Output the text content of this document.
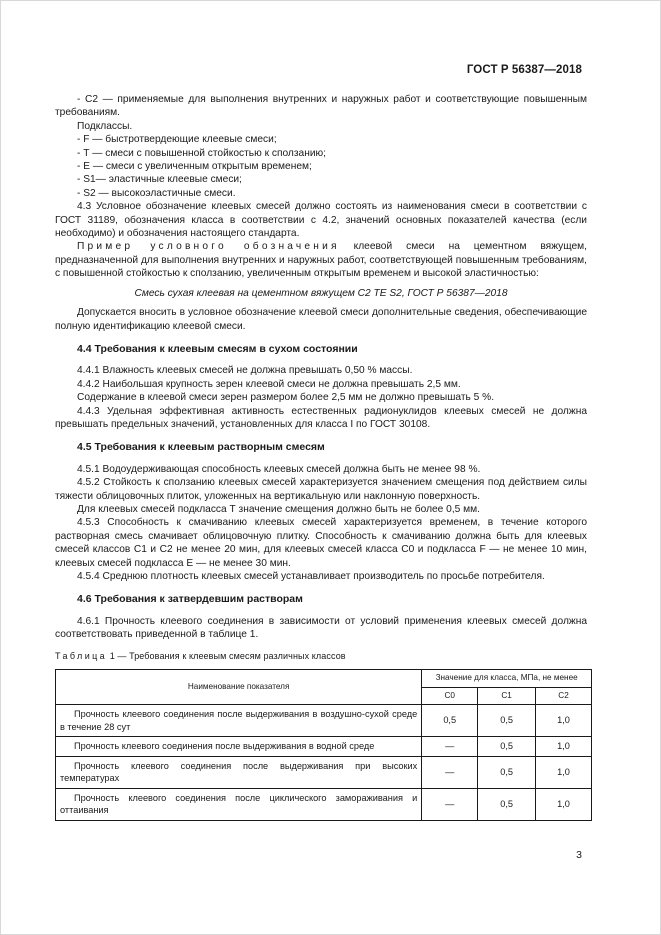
ГОСТ Р 56387—2018

- С2 — применяемые для выполнения внутренних и наружных работ и соответствующие повышенным требованиям.

Подклассы.

- F — быстротвердеющие клеевые смеси;

- Т — смеси с повышенной стойкостью к сползанию;

- Е — смеси с увеличенным открытым временем;

- S1— эластичные клеевые смеси;

- S2 — высокоэластичные смеси.

4.3 Условное обозначение клеевых смесей должно состоять из наименования смеси в соответствии с ГОСТ 31189, обозначения класса в соответствии с 4.2, значений основных показателей качества (если необходимо) и обозначения настоящего стандарта.

Пример условного обозначения клеевой смеси на цементном вяжущем, предназначенной для выполнения внутренних и наружных работ, соответствующей повышенным требованиям, с повышенной стойкостью к сползанию, увеличенным открытым временем и высокой эластичностью:

Смесь сухая клеевая на цементном вяжущем С2 ТЕ S2, ГОСТ Р 56387—2018

Допускается вносить в условное обозначение клеевой смеси дополнительные сведения, обеспечивающие полную идентификацию клеевой смеси.

4.4 Требования к клеевым смесям в сухом состоянии

4.4.1 Влажность клеевых смесей не должна превышать 0,50 % массы.

4.4.2 Наибольшая крупность зерен клеевой смеси не должна превышать 2,5 мм.

Содержание в клеевой смеси зерен размером более 2,5 мм не должно превышать 5 %.

4.4.3 Удельная эффективная активность естественных радионуклидов клеевых смесей не должна превышать предельных значений, установленных для класса I по ГОСТ 30108.

4.5 Требования к клеевым растворным смесям

4.5.1 Водоудерживающая способность клеевых смесей должна быть не менее 98 %.

4.5.2 Стойкость к сползанию клеевых смесей характеризуется значением смещения под действием силы тяжести облицовочных плиток, уложенных на вертикальную или наклонную поверхность.

Для клеевых смесей подкласса Т значение смещения должно быть не более 0,5 мм.

4.5.3 Способность к смачиванию клеевых смесей характеризуется временем, в течение которого растворная смесь смачивает облицовочную плитку. Способность к смачиванию должна быть для клеевых смесей классов С1 и С2 не менее 20 мин, для клеевых смесей класса С0 и подкласса F — не менее 10 мин, клеевых смесей подкласса Е — не менее 30 мин.

4.5.4 Среднюю плотность клеевых смесей устанавливает производитель по просьбе потребителя.

4.6 Требования к затвердевшим растворам

4.6.1 Прочность клеевого соединения в зависимости от условий применения клеевых смесей должна соответствовать приведенной в таблице 1.

Таблица 1 — Требования к клеевым смесям различных классов

Наименование показателя	Значение для класса, МПа, не менее		
	С0	С1	С2
Прочность клеевого соединения после выдерживания в воздушно-сухой среде в течение 28 сут	0,5	0,5	1,0
Прочность клеевого соединения после выдерживания в водной среде	—	0,5	1,0
Прочность клеевого соединения после выдерживания при высоких температурах	—	0,5	1,0
Прочность клеевого соединения после циклического замораживания и оттаивания	—	0,5	1,0
3
